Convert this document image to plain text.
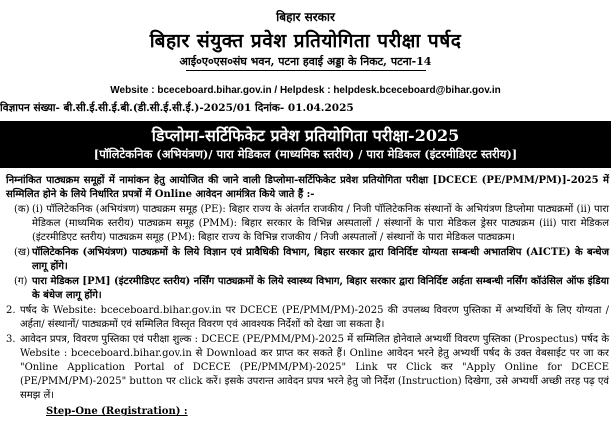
बिहार सरकार
बिहार संयुक्त प्रवेश प्रतियोगिता परीक्षा पर्षद
आई०ए०एस०संघ भवन, पटना हवाई अड्डा के निकट, पटना-14
Website : bceceboard.bihar.gov.in / Helpdesk : helpdesk.bceceboard@bihar.gov.in
विज्ञापन संख्या- बी.सी.ई.सी.ई.बी.(डी.सी.ई.सी.ई.)-2025/01 दिनांक- 01.04.2025
डिप्लोमा-सर्टिफिकेट प्रवेश प्रतियोगिता परीक्षा-2025
[पॉलिटेकनिक (अभियंत्रण)/ पारा मेडिकल (माध्यमिक स्तरीय) / पारा मेडिकल (इंटरमीडिएट स्तरीय)]
निम्नांकित पाठ्यक्रम समूहों में नामांकन हेतु आयोजित की जाने वाली डिप्लोमा-सर्टिफिकेट प्रवेश प्रतियोगिता परीक्षा [DCECE (PE/PMM/PM)]-2025 में सम्मिलित होने के लिये निर्धारित प्रपत्रों में Online आवेदन आमंत्रित किये जाते हैं :-
(क) (i) पॉलिटेकनिक (अभियंत्रण) पाठ्यक्रम समूह (PE): बिहार राज्य के अंतर्गत राजकीय / निजी पॉलिटेकनिक संस्थानों के अभियंत्रण डिप्लोमा पाठ्यक्रमों (ii) पारा मेडिकल (माध्यमिक स्तरीय) पाठ्यक्रम समूह (PMM): बिहार सरकार के विभिन्न अस्पतालों / संस्थानों के पारा मेडिकल ड्रेसर पाठ्यक्रम (iii) पारा मेडिकल (इंटरमीडिएट स्तरीय) पाठ्यक्रम समूह (PM): बिहार राज्य के विभिन्न राजकीय / निजी अस्पतालों / संस्थानों के पारा मेडिकल पाठ्यक्रम।
(ख) पॉलिटेकनिक (अभियंत्रण) पाठ्यक्रमों के लिये विज्ञान एवं प्रावैधिकी विभाग, बिहार सरकार द्वारा विनिर्दिष्ट योग्यता सम्बन्धी अभातशिप (AICTE) के बन्धेज लागू होंगे।
(ग) पारा मेडिकल [PM] (इंटरमीडिएट स्तरीय) नर्सिंग पाठ्यक्रमों के लिये स्वास्थ्य विभाग, बिहार सरकार द्वारा विनिर्दिष्ट अर्हता सम्बन्धी नर्सिंग कॉउंसिल ऑफ इंडिया के बंधेज लागू होंगे।
2. पर्षद के Website: bceceboard.bihar.gov.in पर DCECE (PE/PMM/PM)-2025 की उपलब्ध विवरण पुस्तिका में अभ्यर्थियों के लिए योग्यता / अर्हता/ संस्थानों/ पाठ्यक्रमों एवं सम्मिलित विस्तृत विवरण एवं आवश्यक निर्देशों को देखा जा सकता है।
3. आवेदन प्रपत्र, विवरण पुस्तिका एवं परीक्षा शुल्क : DCECE (PE/PMM/PM)-2025 में सम्मिलित होनेवाले अभ्यर्थी विवरण पुस्तिका (Prospectus) पर्षद के Website : bceceboard.bihar.gov.in से Download कर प्राप्त कर सकते हैं। Online आवेदन भरने हेतु अभ्यर्थी पर्षद के उक्त वेबसाईट पर जा कर "Online Application Portal of DCECE (PE/PMM/PM)-2025" Link पर Click कर "Apply Online for DCECE (PE/PMM/PM)-2025" button पर click करें। इसके उपरान्त आवेदन प्रपत्र भरने हेतु जो निर्देश (Instruction) दिखेगा, उसे अभ्यर्थी अच्छी तरह पढ़ एवं समझ लें।
Step-One (Registration) :
